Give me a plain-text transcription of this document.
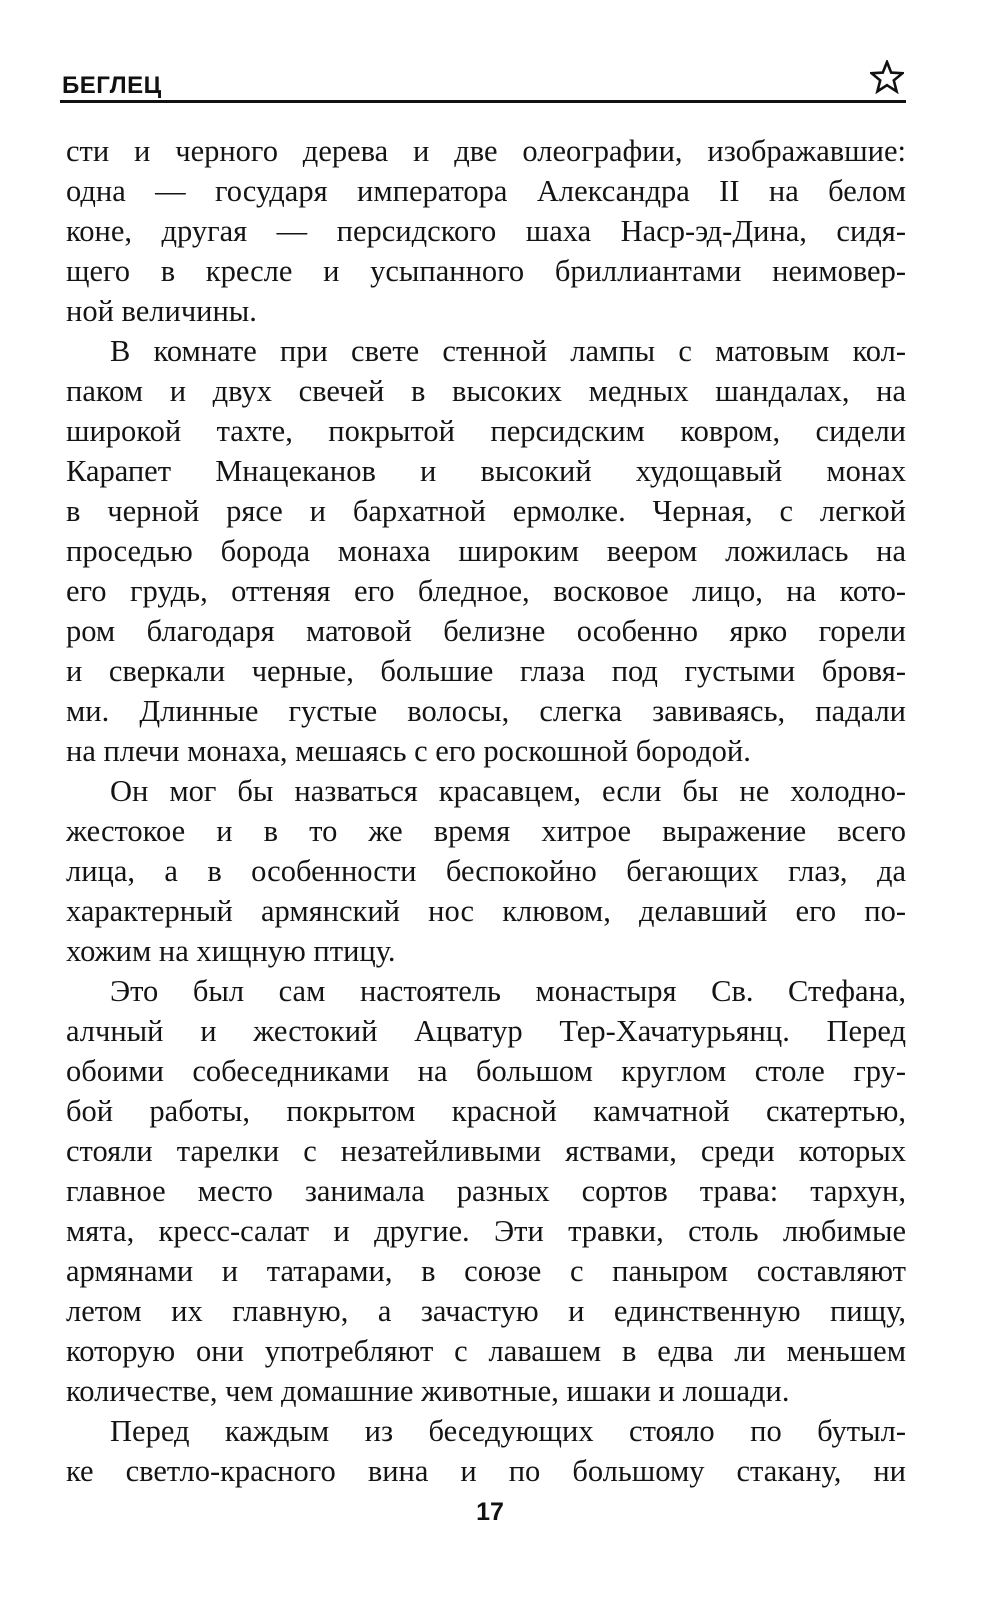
БЕГЛЕЦ
сти и черного дерева и две олеографии, изображавшие:
одна — государя императора Александра II на белом
коне, другая — персидского шаха Наср-эд-Дина, сидя-
щего в кресле и усыпанного бриллиантами неимовер-
ной величины.
В комнате при свете стенной лампы с матовым кол-
паком и двух свечей в высоких медных шандалах, на
широкой тахте, покрытой персидским ковром, сидели
Карапет Мнацеканов и высокий худощавый монах
в черной рясе и бархатной ермолке. Черная, с легкой
проседью борода монаха широким веером ложилась на
его грудь, оттеняя его бледное, восковое лицо, на кото-
ром благодаря матовой белизне особенно ярко горели
и сверкали черные, большие глаза под густыми бровя-
ми. Длинные густые волосы, слегка завиваясь, падали
на плечи монаха, мешаясь с его роскошной бородой.
Он мог бы назваться красавцем, если бы не холодно-
жестокое и в то же время хитрое выражение всего
лица, а в особенности беспокойно бегающих глаз, да
характерный армянский нос клювом, делавший его по-
хожим на хищную птицу.
Это был сам настоятель монастыря Св. Стефана,
алчный и жестокий Ацватур Тер-Хачатурьянц. Перед
обоими собеседниками на большом круглом столе гру-
бой работы, покрытом красной камчатной скатертью,
стояли тарелки с незатейливыми яствами, среди которых
главное место занимала разных сортов трава: тархун,
мята, кресс-салат и другие. Эти травки, столь любимые
армянами и татарами, в союзе с паныром составляют
летом их главную, а зачастую и единственную пищу,
которую они употребляют с лавашем в едва ли меньшем
количестве, чем домашние животные, ишаки и лошади.
Перед каждым из беседующих стояло по бутыл-
ке светло-красного вина и по большому стакану, ни
17
